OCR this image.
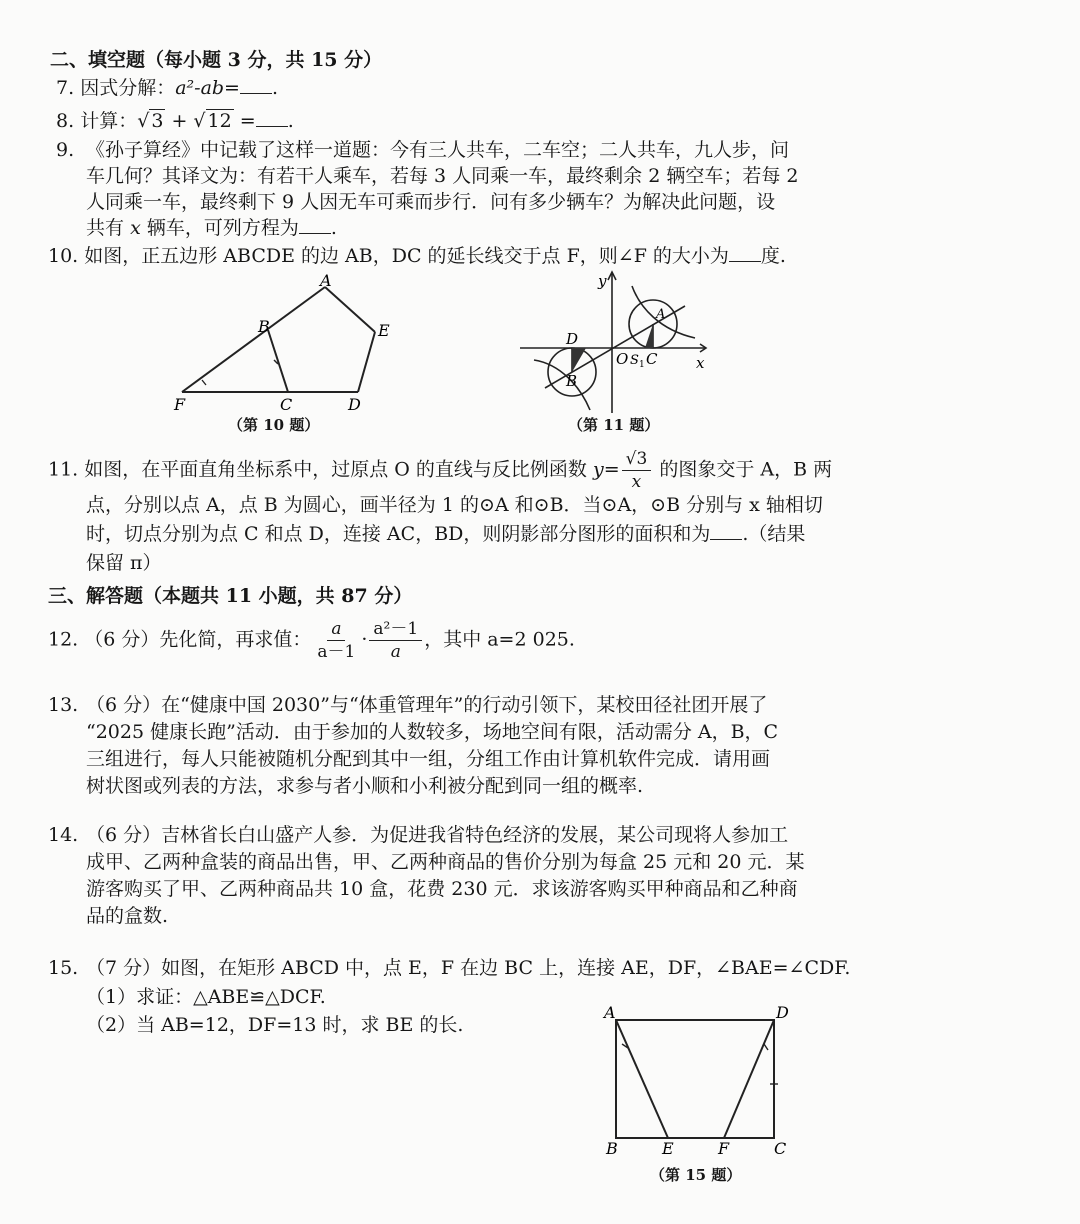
二、填空题（每小题 3 分，共 15 分）
7. 因式分解：a²-ab= .
8. 计算：√ 3 + √ 12 = .
9. 《孙子算经》中记载了这样一道题：今有三人共车，二车空；二人共车，九人步，问
车几何？其译文为：有若干人乘车，若每 3 人同乘一车，最终剩余 2 辆空车；若每 2
人同乘一车，最终剩下 9 人因无车可乘而步行．问有多少辆车？为解决此问题，设
共有 x 辆车，可列方程为 .
10. 如图，正五边形 ABCDE 的边 AB，DC 的延长线交于点 F，则∠F 的大小为 度.
A
B
C	D
E
F
（第 10 题）
y
x
O S 1 C
D
B
A
（第 11 题）
11. 如图，在平面直角坐标系中，过原点 O 的直线与反比例函数 $y= \frac{√3}{x}$ 的图象交于 A，B 两
点，分别以点 A，点 B 为圆心，画半径为 1 的⊙A 和⊙B．当⊙A，⊙B 分别与 x 轴相切
时，切点分别为点 C 和点 D，连接 AC，BD，则阴影部分图形的面积和为 .（结果
保留 π）
三、解答题（本题共 11 小题，共 87 分）
12. （6 分）先化简，再求值： $\frac{a}{a-1} \cdot \frac{\text{a²－1}}{a}$ ，其中 a=2 025.
13. （6 分）在“健康中国 2030”与“体重管理年”的行动引领下，某校田径社团开展了
“2025 健康长跑”活动．由于参加的人数较多，场地空间有限，活动需分 A，B，C
三组进行，每人只能被随机分配到其中一组，分组工作由计算机软件完成．请用画
树状图或列表的方法，求参与者小顺和小利被分配到同一组的概率.
14. （6 分）吉林省长白山盛产人参．为促进我省特色经济的发展，某公司现将人参加工
成甲、乙两种盒装的商品出售，甲、乙两种商品的售价分别为每盒 25 元和 20 元．某
游客购买了甲、乙两种商品共 10 盒，花费 230 元．求该游客购买甲种商品和乙种商
品的盒数.
15. （7 分）如图，在矩形 ABCD 中，点 E，F 在边 BC 上，连接 AE，DF，∠BAE=∠CDF.
（1）求证：△ABE≌△DCF.
（2）当 AB=12，DF=13 时，求 BE 的长.
A	D
B	E	F	C
（第 15 题）
